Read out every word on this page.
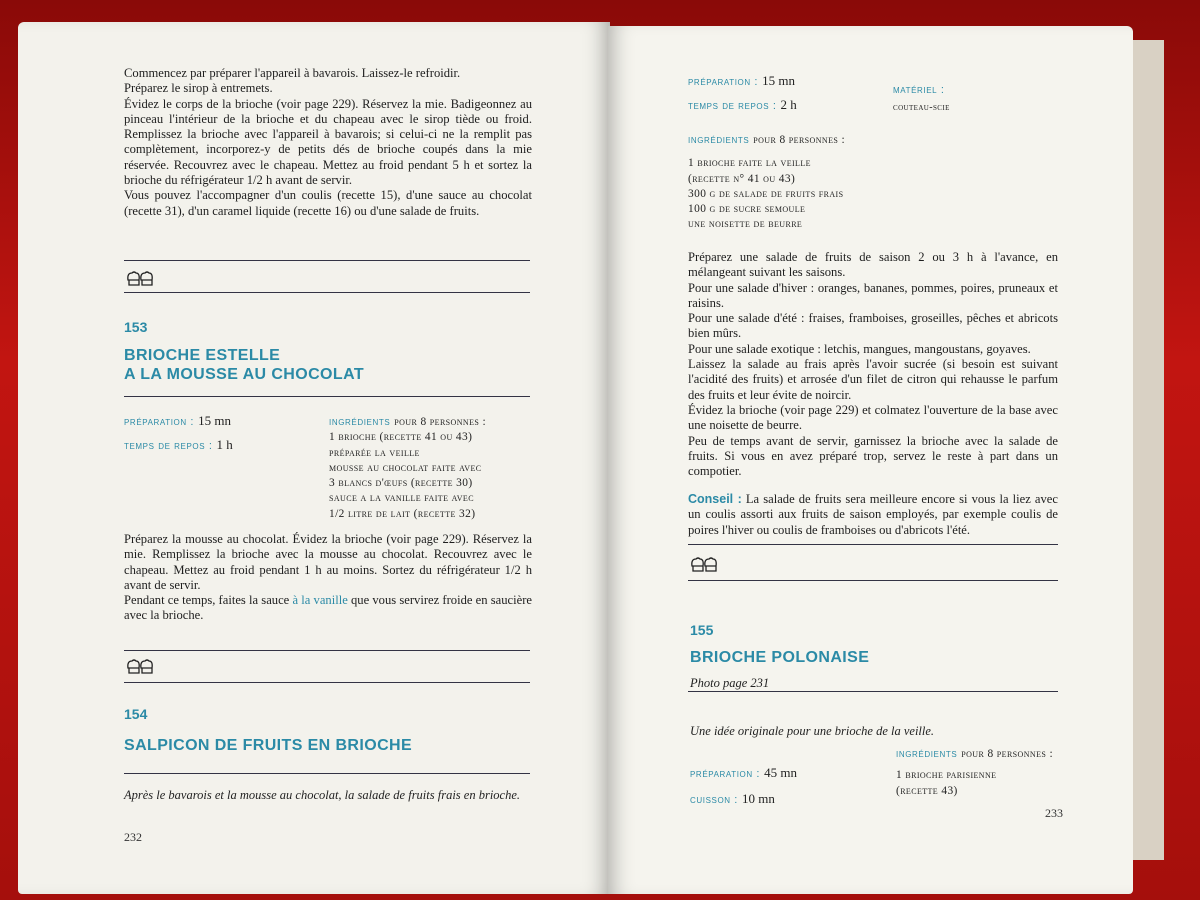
Commencez par préparer l'appareil à bavarois. Laissez-le refroidir.

Préparez le sirop à entremets.

Évidez le corps de la brioche (voir page 229). Réservez la mie. Badigeonnez au pinceau l'intérieur de la brioche et du chapeau avec le sirop tiède ou froid. Remplissez la brioche avec l'appareil à bavarois; si celui-ci ne la remplit pas complètement, incorporez-y de petits dés de brioche coupés dans la mie réservée. Recouvrez avec le chapeau. Mettez au froid pendant 5 h et sortez la brioche du réfrigérateur 1/2 h avant de servir.

Vous pouvez l'accompagner d'un coulis (recette 15), d'une sauce au chocolat (recette 31), d'un caramel liquide (recette 16) ou d'une salade de fruits.

153
BRIOCHE ESTELLE
A LA MOUSSE AU CHOCOLAT
préparation : 15 mn
temps de repos : 1 h
ingrédients pour 8 personnes :
1 brioche (recette 41 ou 43)
préparée la veille
mousse au chocolat faite avec
3 blancs d'œufs (recette 30)
sauce a la vanille faite avec
1/2 litre de lait (recette 32)

Préparez la mousse au chocolat. Évidez la brioche (voir page 229). Réservez la mie. Remplissez la brioche avec la mousse au chocolat. Recouvrez avec le chapeau. Mettez au froid pendant 1 h au moins. Sortez du réfrigérateur 1/2 h avant de servir.

Pendant ce temps, faites la sauce à la vanille que vous servirez froide en saucière avec la brioche.

154
SALPICON DE FRUITS EN BRIOCHE
Après le bavarois et la mousse au chocolat, la salade de fruits frais en brioche.
232
préparation : 15 mn
temps de repos : 2 h
matériel :
couteau-scie
ingrédients pour 8 personnes :
1 brioche faite la veille
(recette n° 41 ou 43)
300 g de salade de fruits frais
100 g de sucre semoule
une noisette de beurre

Préparez une salade de fruits de saison 2 ou 3 h à l'avance, en mélangeant suivant les saisons.

Pour une salade d'hiver : oranges, bananes, pommes, poires, pruneaux et raisins.

Pour une salade d'été : fraises, framboises, groseilles, pêches et abricots bien mûrs.

Pour une salade exotique : letchis, mangues, mangoustans, goyaves.

Laissez la salade au frais après l'avoir sucrée (si besoin est suivant l'acidité des fruits) et arrosée d'un filet de citron qui rehausse le parfum des fruits et leur évite de noircir.

Évidez la brioche (voir page 229) et colmatez l'ouverture de la base avec une noisette de beurre.

Peu de temps avant de servir, garnissez la brioche avec la salade de fruits. Si vous en avez préparé trop, servez le reste à part dans un compotier.

Conseil : La salade de fruits sera meilleure encore si vous la liez avec un coulis assorti aux fruits de saison employés, par exemple coulis de poires l'hiver ou coulis de framboises ou d'abricots l'été.
155
BRIOCHE POLONAISE
Photo page 231
Une idée originale pour une brioche de la veille.
préparation : 45 mn
cuisson : 10 mn
ingrédients pour 8 personnes :
1 brioche parisienne
(recette 43)
233
